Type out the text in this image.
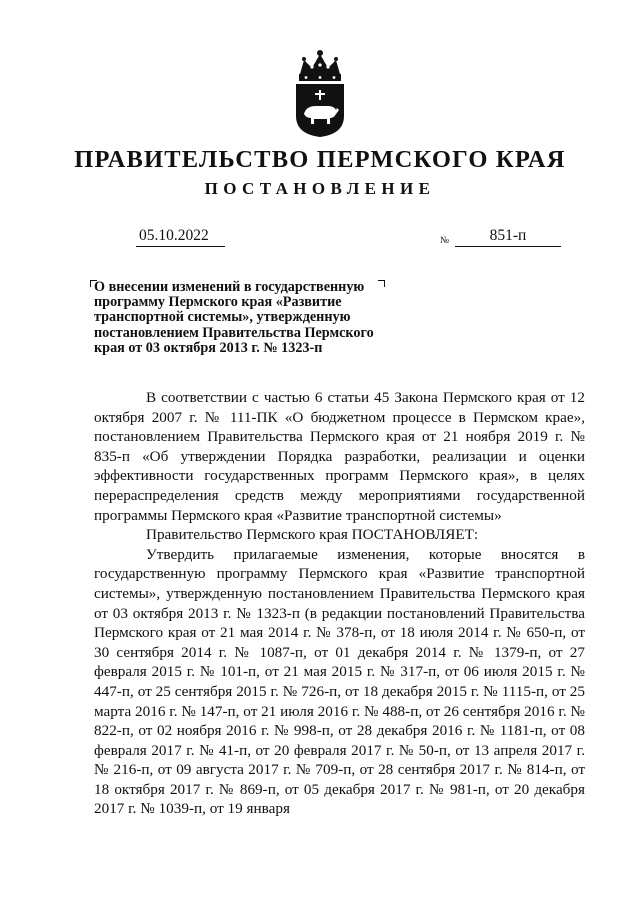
ПРАВИТЕЛЬСТВО ПЕРМСКОГО КРАЯ
ПОСТАНОВЛЕНИЕ
05.10.2022	№	851-п
О внесении изменений в государственную
программу Пермского края «Развитие
транспортной системы», утвержденную
постановлением Правительства Пермского
края от 03 октября 2013 г. № 1323-п

В соответствии с частью 6 статьи 45 Закона Пермского края от 12 октября 2007 г. № 111-ПК «О бюджетном процессе в Пермском крае», постановлением Правительства Пермского края от 21 ноября 2019 г. № 835-п «Об утверждении Порядка разработки, реализации и оценки эффективности государственных программ Пермского края», в целях перераспределения средств между мероприятиями государственной программы Пермского края «Развитие транспортной системы»

Правительство Пермского края ПОСТАНОВЛЯЕТ:

Утвердить прилагаемые изменения, которые вносятся в государственную программу Пермского края «Развитие транспортной системы», утвержденную постановлением Правительства Пермского края от 03 октября 2013 г. № 1323-п (в редакции постановлений Правительства Пермского края от 21 мая 2014 г. № 378-п, от 18 июля 2014 г. № 650-п, от 30 сентября 2014 г. № 1087-п, от 01 декабря 2014 г. № 1379-п, от 27 февраля 2015 г. № 101-п, от 21 мая 2015 г. № 317-п, от 06 июля 2015 г. № 447-п, от 25 сентября 2015 г. № 726-п, от 18 декабря 2015 г. № 1115-п, от 25 марта 2016 г. № 147-п, от 21 июля 2016 г. № 488-п, от 26 сентября 2016 г. № 822-п, от 02 ноября 2016 г. № 998-п, от 28 декабря 2016 г. № 1181-п, от 08 февраля 2017 г. № 41-п, от 20 февраля 2017 г. № 50-п, от 13 апреля 2017 г. № 216-п, от 09 августа 2017 г. № 709-п, от 28 сентября 2017 г. № 814-п, от 18 октября 2017 г. № 869-п, от 05 декабря 2017 г. № 981-п, от 20 декабря 2017 г. № 1039-п, от 19 января
